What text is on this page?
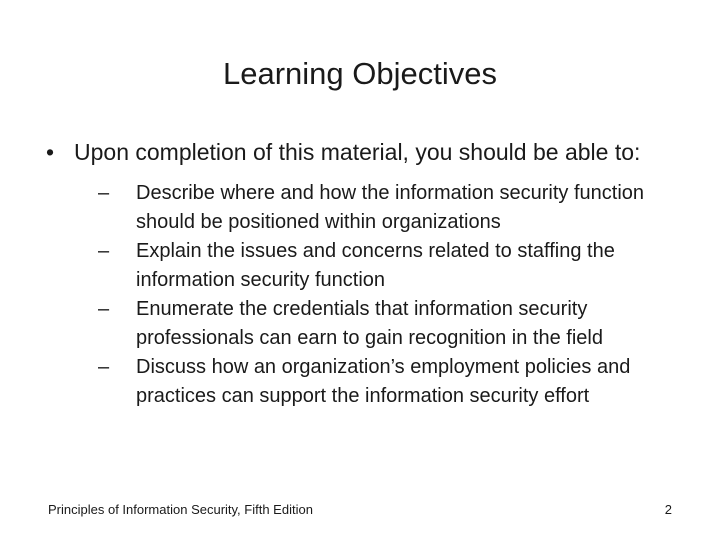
Learning Objectives
• Upon completion of this material, you should be able to:
–	Describe where and how the information security function should be positioned within organizations
–	Explain the issues and concerns related to staffing the information security function
–	Enumerate the credentials that information security professionals can earn to gain recognition in the field
–	Discuss how an organization’s employment policies and practices can support the information security effort
Principles of Information Security, Fifth Edition	2
